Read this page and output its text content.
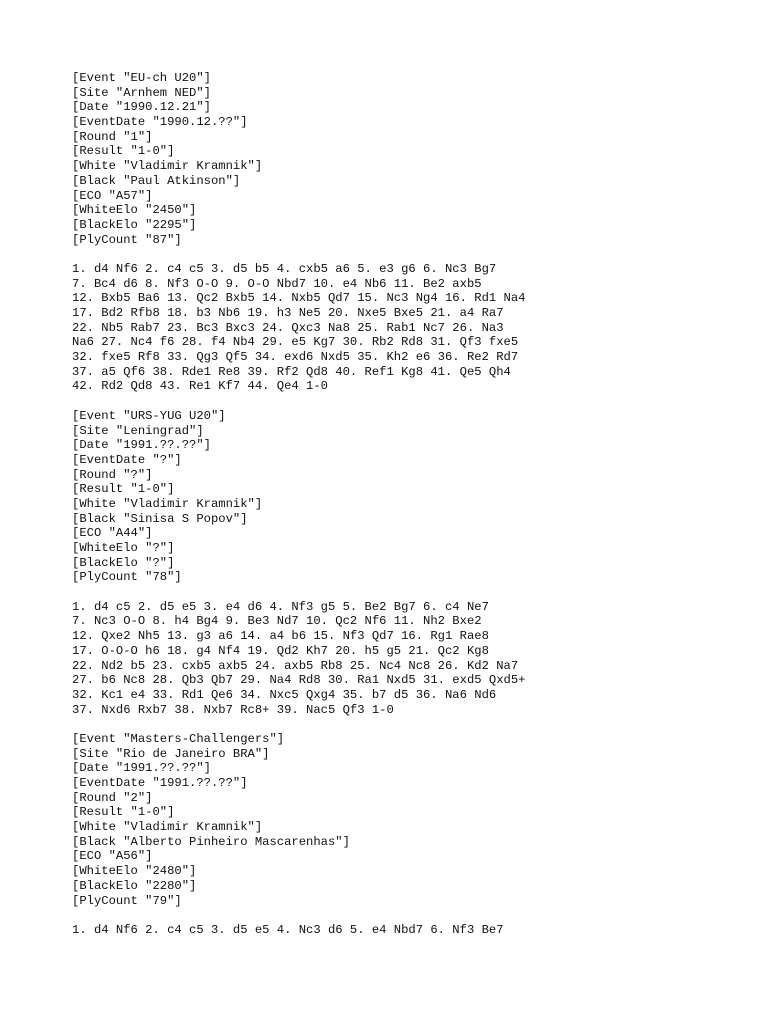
[Event "EU-ch U20"]
[Site "Arnhem NED"]
[Date "1990.12.21"]
[EventDate "1990.12.??"]
[Round "1"]
[Result "1-0"]
[White "Vladimir Kramnik"]
[Black "Paul Atkinson"]
[ECO "A57"]
[WhiteElo "2450"]
[BlackElo "2295"]
[PlyCount "87"]
1. d4 Nf6 2. c4 c5 3. d5 b5 4. cxb5 a6 5. e3 g6 6. Nc3 Bg7
7. Bc4 d6 8. Nf3 O-O 9. O-O Nbd7 10. e4 Nb6 11. Be2 axb5
12. Bxb5 Ba6 13. Qc2 Bxb5 14. Nxb5 Qd7 15. Nc3 Ng4 16. Rd1 Na4
17. Bd2 Rfb8 18. b3 Nb6 19. h3 Ne5 20. Nxe5 Bxe5 21. a4 Ra7
22. Nb5 Rab7 23. Bc3 Bxc3 24. Qxc3 Na8 25. Rab1 Nc7 26. Na3
Na6 27. Nc4 f6 28. f4 Nb4 29. e5 Kg7 30. Rb2 Rd8 31. Qf3 fxe5
32. fxe5 Rf8 33. Qg3 Qf5 34. exd6 Nxd5 35. Kh2 e6 36. Re2 Rd7
37. a5 Qf6 38. Rde1 Re8 39. Rf2 Qd8 40. Ref1 Kg8 41. Qe5 Qh4
42. Rd2 Qd8 43. Re1 Kf7 44. Qe4 1-0
[Event "URS-YUG U20"]
[Site "Leningrad"]
[Date "1991.??.??"]
[EventDate "?"]
[Round "?"]
[Result "1-0"]
[White "Vladimir Kramnik"]
[Black "Sinisa S Popov"]
[ECO "A44"]
[WhiteElo "?"]
[BlackElo "?"]
[PlyCount "78"]
1. d4 c5 2. d5 e5 3. e4 d6 4. Nf3 g5 5. Be2 Bg7 6. c4 Ne7
7. Nc3 O-O 8. h4 Bg4 9. Be3 Nd7 10. Qc2 Nf6 11. Nh2 Bxe2
12. Qxe2 Nh5 13. g3 a6 14. a4 b6 15. Nf3 Qd7 16. Rg1 Rae8
17. O-O-O h6 18. g4 Nf4 19. Qd2 Kh7 20. h5 g5 21. Qc2 Kg8
22. Nd2 b5 23. cxb5 axb5 24. axb5 Rb8 25. Nc4 Nc8 26. Kd2 Na7
27. b6 Nc8 28. Qb3 Qb7 29. Na4 Rd8 30. Ra1 Nxd5 31. exd5 Qxd5+
32. Kc1 e4 33. Rd1 Qe6 34. Nxc5 Qxg4 35. b7 d5 36. Na6 Nd6
37. Nxd6 Rxb7 38. Nxb7 Rc8+ 39. Nac5 Qf3 1-0
[Event "Masters-Challengers"]
[Site "Rio de Janeiro BRA"]
[Date "1991.??.??"]
[EventDate "1991.??.??"]
[Round "2"]
[Result "1-0"]
[White "Vladimir Kramnik"]
[Black "Alberto Pinheiro Mascarenhas"]
[ECO "A56"]
[WhiteElo "2480"]
[BlackElo "2280"]
[PlyCount "79"]
1. d4 Nf6 2. c4 c5 3. d5 e5 4. Nc3 d6 5. e4 Nbd7 6. Nf3 Be7
